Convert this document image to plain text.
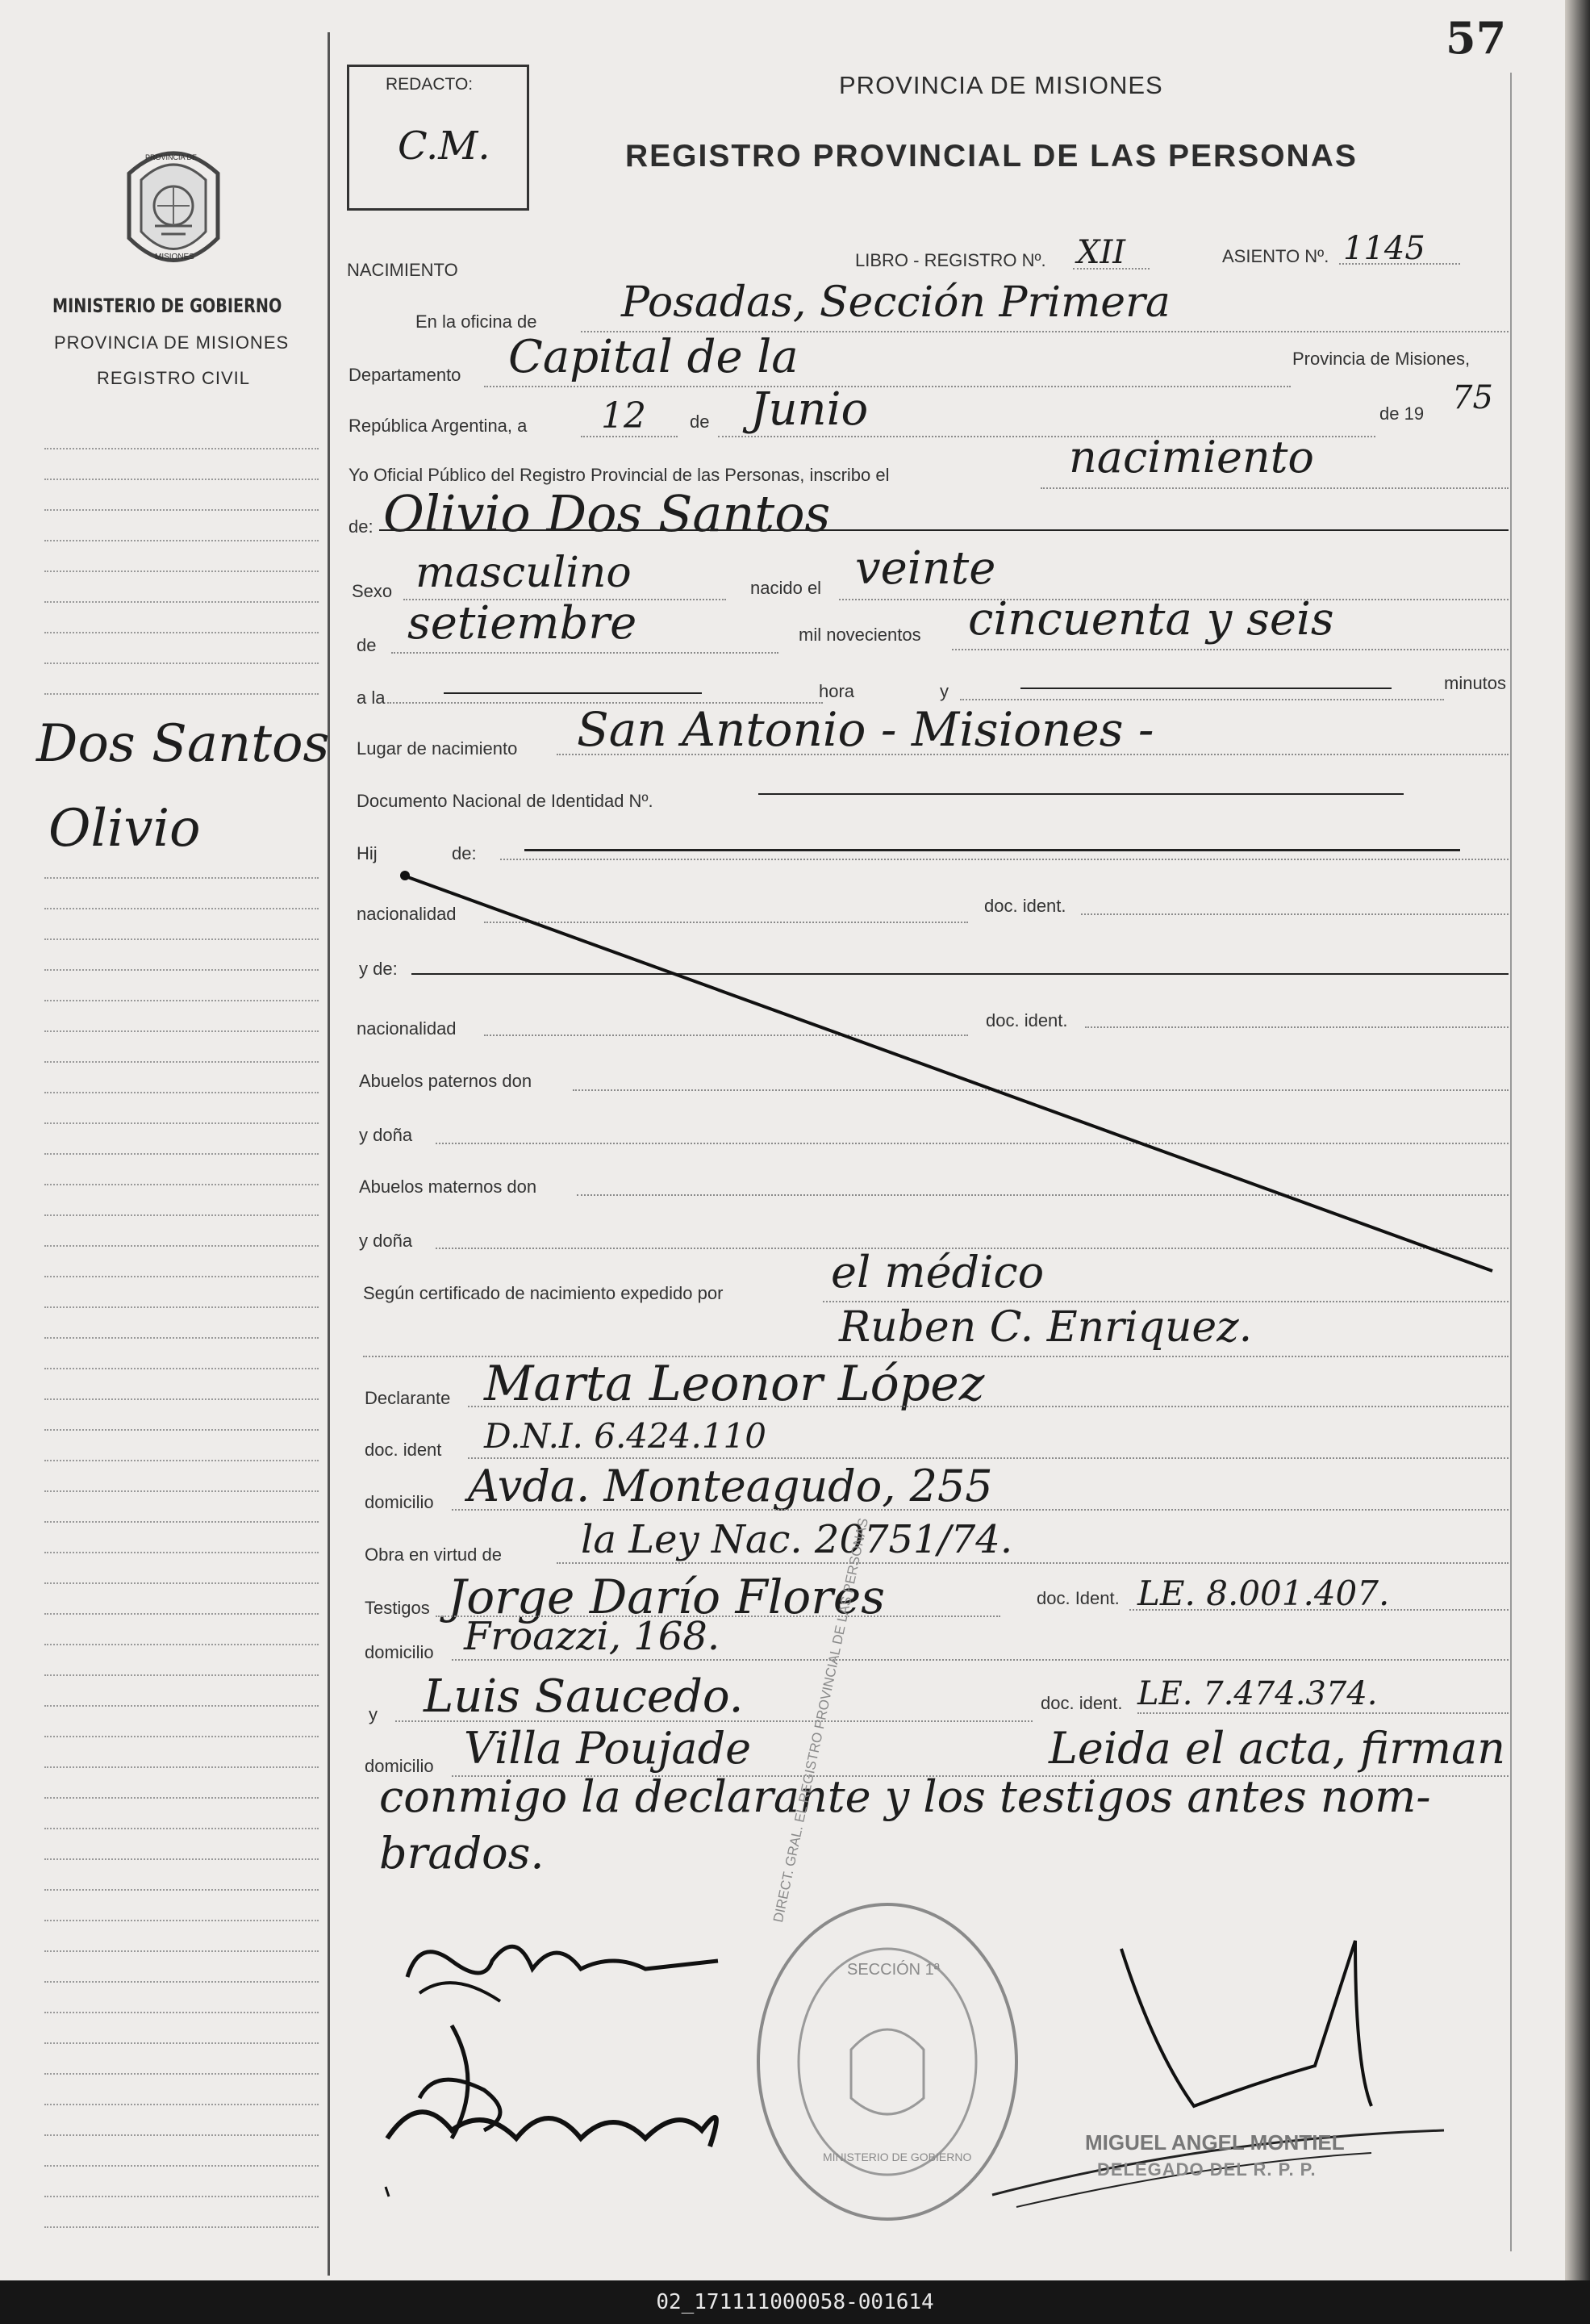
57
REDACTO:
C.M.
PROVINCIA DE MISIONES
REGISTRO PROVINCIAL DE LAS PERSONAS
PROVINCIA DE
MISIONES
MINISTERIO DE GOBIERNO
PROVINCIA DE MISIONES
REGISTRO CIVIL
Dos Santos
Olivio
NACIMIENTO	LIBRO - REGISTRO Nº. XII	ASIENTO Nº. 1145
En la oficina de Posadas, Sección Primera
Departamento Capital de la	Provincia de Misiones,
República Argentina, a 12 de Junio	de 19 75
Yo Oficial Público del Registro Provincial de las Personas, inscribo el	nacimiento
de: Olivio Dos Santos
Sexo masculino	nacido el veinte
de setiembre	mil novecientos cincuenta y seis
a la	hora	y	minutos
Lugar de nacimiento San Antonio - Misiones -
Documento Nacional de Identidad Nº.
Hij	de:
nacionalidad	doc. ident.
y de:
nacionalidad	doc. ident.
Abuelos paternos don
y doña
Abuelos maternos don
y doña
Según certificado de nacimiento expedido por el médico
Ruben C. Enriquez.
Declarante Marta Leonor López
doc. ident D.N.I. 6.424.110
domicilio Avda. Monteagudo, 255
Obra en virtud de la Ley Nac. 20751/74.
Testigos Jorge Darío Flores	doc. Ident. LE. 8.001.407.
domicilio Froazzi, 168.
y Luis Saucedo.	doc. ident. LE. 7.474.374.
domicilio Villa Poujade	Leida el acta, firman
conmigo la declarante y los testigos antes nom-
brados.	DIRECT. GRAL. EL REGISTRO PROVINCIAL DE LAS PERSONAS
SECCIÓN 1ª
MINISTERIO DE GOBIERNO
MIGUEL ANGEL MONTIEL
DELEGADO DEL R. P. P.
02_171111000058-001614
